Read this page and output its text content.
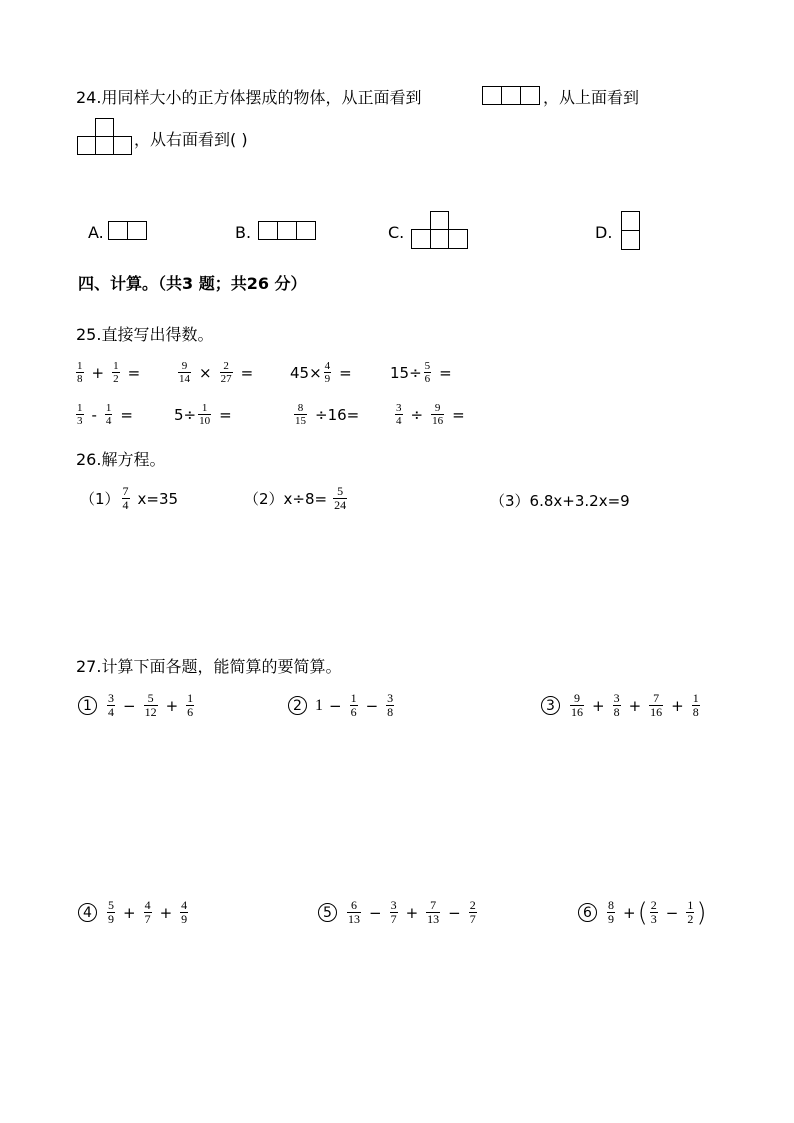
24.用同样大小的正方体摆成的物体，从正面看到	，从上面看到
，从右面看到( )
A.	B.	C.	D.
四、计算。（共3 题；共26 分）
25.直接写出得数。
$\frac{1}{8} + \frac{1}{2}$ =	$\frac{9}{14} \times \frac{2}{27} = 45\times \frac{4}{9}$ =	$15\div \frac{5}{6}$ =
$\frac{1}{3} - \frac{1}{4}$ =	$5\div \frac{1}{10}$ =	$\frac{8}{15} \div 16=$	$\frac{3}{4} \div \frac{9}{16}$ =
26.解方程。
$(1) \frac{7}{4} x=35$	$(2)x\div 8= \frac{5}{24}$	（3）6.8x+3.2x=9
27.计算下面各题，能简算的要简算。
1	$\frac{3}{4} - \frac{5}{12} + \frac{1}{6}$	2 $1 - \frac{1}{6} - \frac{3}{8}$	3	$\frac{9}{16} + \frac{3}{8} + \frac{7}{16} + \frac{1}{8}$
4	$\frac{5}{9} + \frac{4}{7} + \frac{4}{9}$	5	$\frac{6}{13} - \frac{3}{7} + \frac{7}{13} - \frac{2}{7}$	6	$\frac{8}{9}$ + ( $\frac{2}{3} - \frac{1}{2}$ )
